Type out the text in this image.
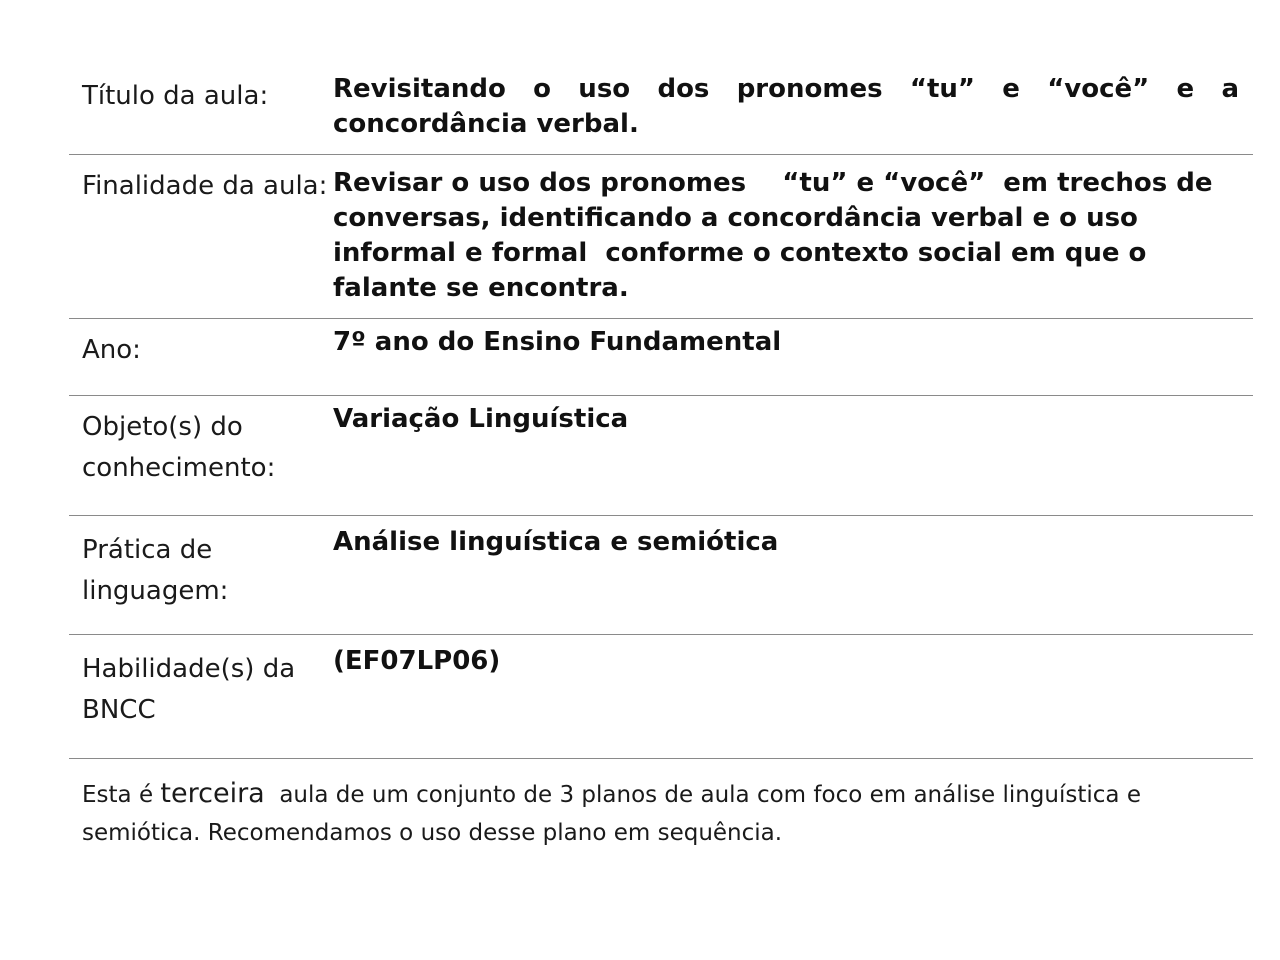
Título da aula:	Revisitando o uso dos pronomes “tu” e “você” e a concordância verbal.
Finalidade da aula: Revisar o uso dos pronomes    “tu” e “você”  em trechos de conversas, identificando a concordância verbal e o uso informal e formal  conforme o contexto social em que o falante se encontra.
Ano:	7º ano do Ensino Fundamental
Objeto(s) do conhecimento:
Variação Linguística
Prática de linguagem:
Análise linguística e semiótica
Habilidade(s) da BNCC
(EF07LP06)
Esta é terceira  aula de um conjunto de 3 planos de aula com foco em análise linguística e semiótica. Recomendamos o uso desse plano em sequência.
